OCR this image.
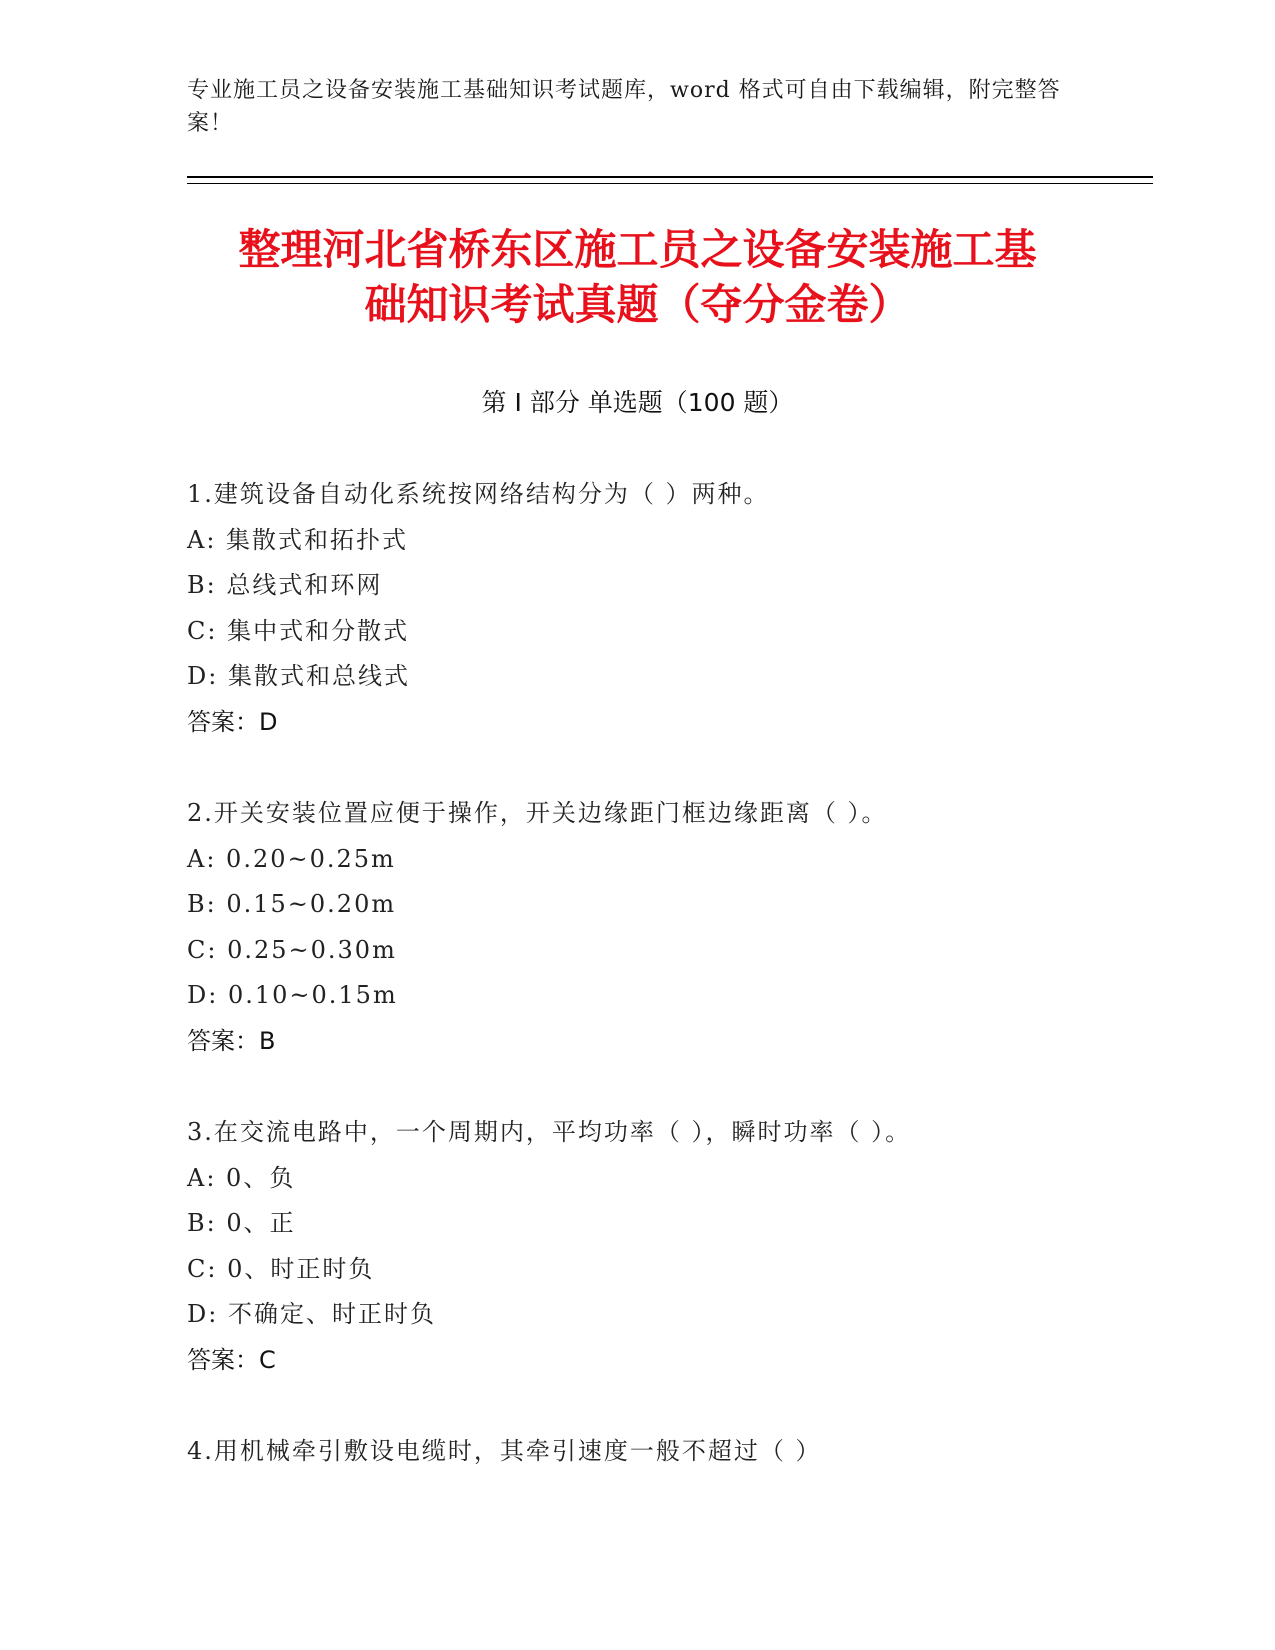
专业施工员之设备安装施工基础知识考试题库，word 格式可自由下载编辑，附完整答案！
整理河北省桥东区施工员之设备安装施工基
础知识考试真题（夺分金卷）
第 I 部分 单选题（100 题）
1.建筑设备自动化系统按网络结构分为（ ）两种。
A: 集散式和拓扑式
B: 总线式和环网
C: 集中式和分散式
D: 集散式和总线式
答案：D
2.开关安装位置应便于操作，开关边缘距门框边缘距离（ ）。
A: 0.20~0.25m
B: 0.15~0.20m
C: 0.25~0.30m
D: 0.10~0.15m
答案：B
3.在交流电路中，一个周期内，平均功率（ ），瞬时功率（ ）。
A: 0、负
B: 0、正
C: 0、时正时负
D: 不确定、时正时负
答案：C
4.用机械牵引敷设电缆时，其牵引速度一般不超过（ ）
